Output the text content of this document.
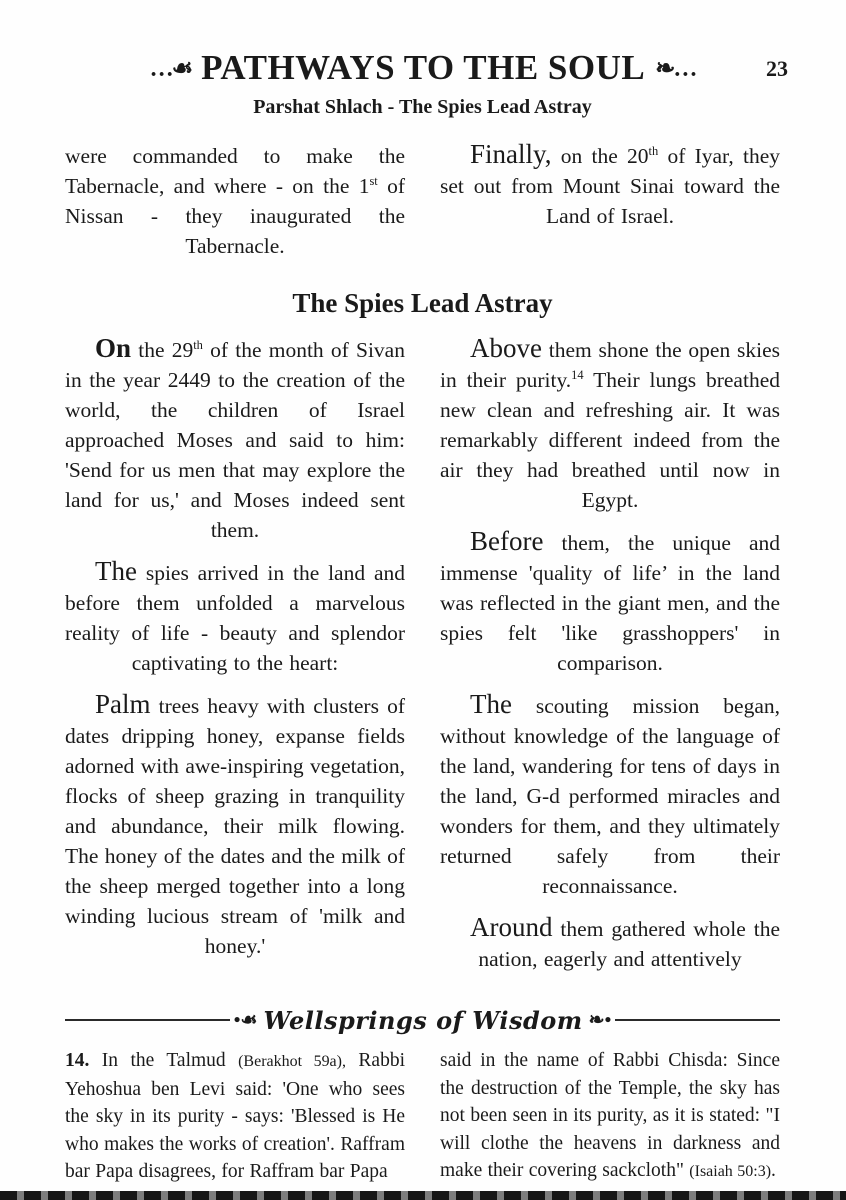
…☙ PATHWAYS TO THE SOUL ❧…	23
Parshat Shlach - The Spies Lead Astray

were commanded to make the Tabernacle, and where - on the 1st of Nissan - they inaugurated the Tabernacle.

Finally, on the 20th of Iyar, they set out from Mount Sinai toward the Land of Israel.

The Spies Lead Astray

On the 29th of the month of Sivan in the year 2449 to the creation of the world, the children of Israel approached Moses and said to him: 'Send for us men that may explore the land for us,' and Moses indeed sent them.

The spies arrived in the land and before them unfolded a marvelous reality of life - beauty and splendor captivating to the heart:

Palm trees heavy with clusters of dates dripping honey, expanse fields adorned with awe-inspiring vegetation, flocks of sheep grazing in tranquility and abundance, their milk flowing. The honey of the dates and the milk of the sheep merged together into a long winding lucious stream of 'milk and honey.'

Above them shone the open skies in their purity.$^{14}$ Their lungs breathed new clean and refreshing air. It was remarkably different indeed from the air they had breathed until now in Egypt.

Before them, the unique and immense 'quality of life’ in the land was reflected in the giant men, and the spies felt 'like grasshoppers' in comparison.

The scouting mission began, without knowledge of the language of the land, wandering for tens of days in the land, G-d performed miracles and wonders for them, and they ultimately returned safely from their reconnaissance.

Around them gathered whole the nation, eagerly and attentively

•☙ Wellsprings of Wisdom ❧•

14. In the Talmud (Berakhot 59a), Rabbi Yehoshua ben Levi said: 'One who sees the sky in its purity - says: 'Blessed is He who makes the works of creation'. Raffram bar Papa disagrees, for Raffram bar Papa

said in the name of Rabbi Chisda: Since the destruction of the Temple, the sky has not been seen in its purity, as it is stated: "I will clothe the heavens in darkness and make their covering sackcloth" (Isaiah 50:3).
